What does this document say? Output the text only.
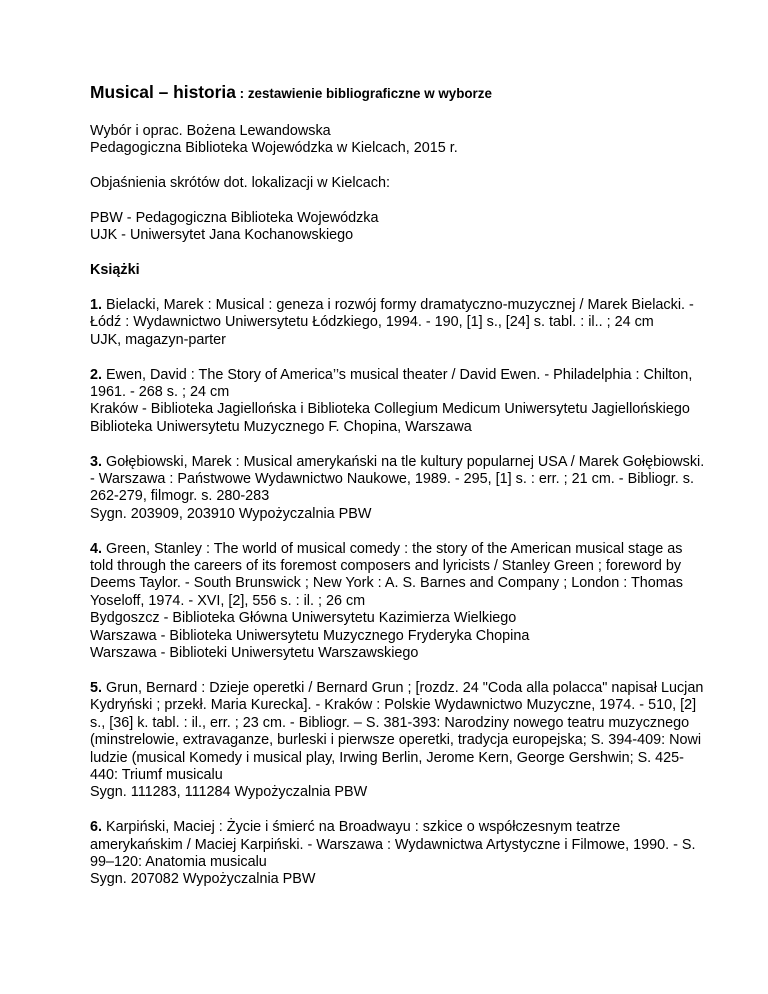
Musical – historia : zestawienie bibliograficzne w wyborze

Wybór i oprac. Bożena Lewandowska

Pedagogiczna Biblioteka Wojewódzka w Kielcach, 2015 r.

Objaśnienia skrótów dot. lokalizacji w Kielcach:

PBW - Pedagogiczna Biblioteka Wojewódzka

UJK - Uniwersytet Jana Kochanowskiego

Książki

1. Bielacki, Marek : Musical : geneza i rozwój formy dramatyczno-muzycznej / Marek Bielacki. - Łódź : Wydawnictwo Uniwersytetu Łódzkiego, 1994. - 190, [1] s., [24] s. tabl. : il.. ; 24 cm

UJK, magazyn-parter

2. Ewen, David : The Story of America’’s musical theater / David Ewen. - Philadelphia : Chilton, 1961. - 268 s. ; 24 cm

Kraków - Biblioteka Jagiellońska i Biblioteka Collegium Medicum Uniwersytetu Jagiellońskiego

Biblioteka Uniwersytetu Muzycznego F. Chopina, Warszawa

3. Gołębiowski, Marek : Musical amerykański na tle kultury popularnej USA / Marek Gołębiowski. - Warszawa : Państwowe Wydawnictwo Naukowe, 1989. - 295, [1] s. : err. ; 21 cm. - Bibliogr. s. 262-279, filmogr. s. 280-283

Sygn. 203909, 203910 Wypożyczalnia PBW

4. Green, Stanley : The world of musical comedy : the story of the American musical stage as told through the careers of its foremost composers and lyricists / Stanley Green ; foreword by Deems Taylor. - South Brunswick ; New York : A. S. Barnes and Company ; London : Thomas Yoseloff, 1974. - XVI, [2], 556 s. : il. ; 26 cm

Bydgoszcz - Biblioteka Główna Uniwersytetu Kazimierza Wielkiego

Warszawa - Biblioteka Uniwersytetu Muzycznego Fryderyka Chopina

Warszawa - Biblioteki Uniwersytetu Warszawskiego

5. Grun, Bernard : Dzieje operetki / Bernard Grun ; [rozdz. 24 "Coda alla polacca" napisał Lucjan Kydryński ; przekł. Maria Kurecka]. - Kraków : Polskie Wydawnictwo Muzyczne, 1974. - 510, [2] s., [36] k. tabl. : il., err. ; 23 cm. - Bibliogr. – S. 381-393: Narodziny nowego teatru muzycznego (minstrelowie, extravaganze, burleski i pierwsze operetki, tradycja europejska; S. 394-409: Nowi ludzie (musical Komedy i musical play, Irwing Berlin, Jerome Kern, George Gershwin; S. 425-440: Triumf musicalu

Sygn. 111283, 111284 Wypożyczalnia PBW

6. Karpiński, Maciej : Życie i śmierć na Broadwayu : szkice o współczesnym teatrze amerykańskim / Maciej Karpiński. - Warszawa : Wydawnictwa Artystyczne i Filmowe, 1990. - S. 99–120: Anatomia musicalu

Sygn. 207082 Wypożyczalnia PBW
